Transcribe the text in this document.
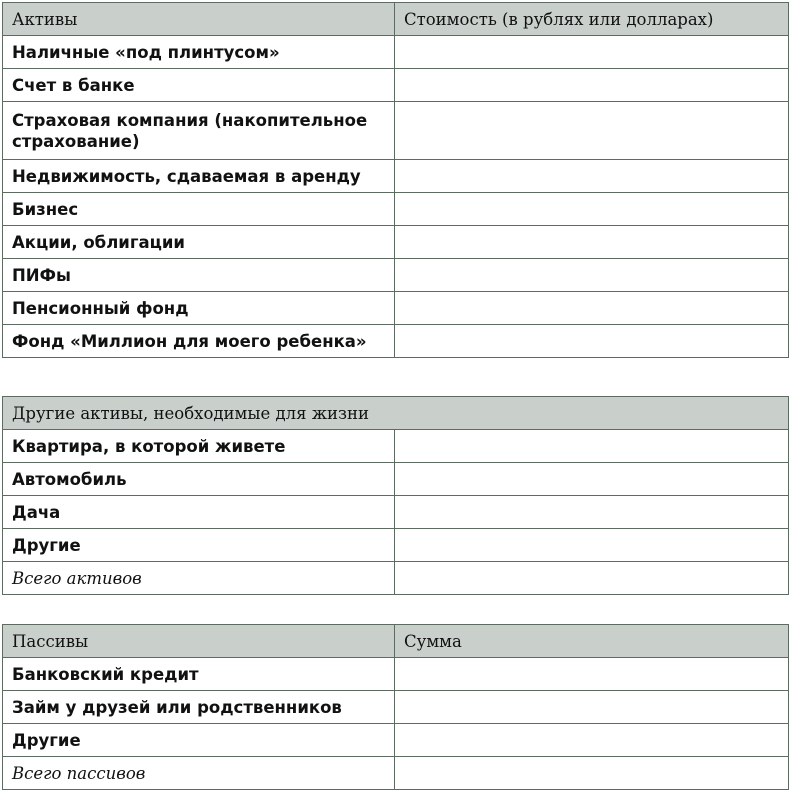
Активы	Стоимость (в рублях или долларах)
Наличные «под плинтусом»	
Счет в банке	
Страховая компания (накопительное страхование)	
Недвижимость, сдаваемая в аренду	
Бизнес	
Акции, облигации	
ПИФы	
Пенсионный фонд	
Фонд «Миллион для моего ребенка»	
Другие активы, необходимые для жизни	
Квартира, в которой живете	
Автомобиль	
Дача	
Другие	
Всего активов	
Пассивы	Сумма
Банковский кредит	
Займ у друзей или родственников	
Другие	
Всего пассивов	
